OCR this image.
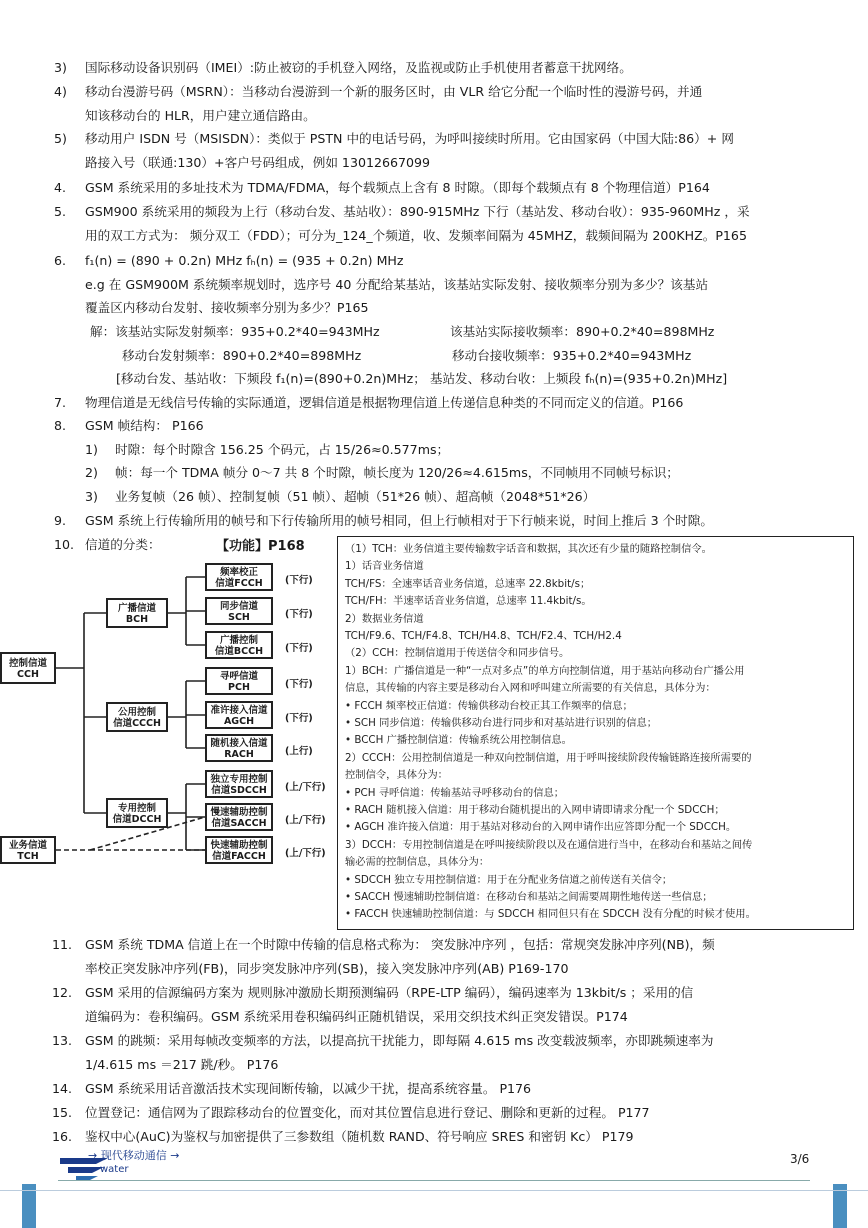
3) 国际移动设备识别码（IMEI）:防止被窃的手机登入网络，及监视或防止手机使用者蓄意干扰网络。
4) 移动台漫游号码（MSRN）：当移动台漫游到一个新的服务区时，由 VLR 给它分配一个临时性的漫游号码，并通
知该移动台的 HLR，用户建立通信路由。
5) 移动用户 ISDN 号（MSISDN）：类似于 PSTN 中的电话号码，为呼叫接续时所用。它由国家码（中国大陆:86）+ 网
路接入号（联通:130）+客户号码组成，例如 13012667099
4. GSM 系统采用的多址技术为 TDMA/FDMA，每个载频点上含有 8 时隙。（即每个载频点有 8 个物理信道）P164
5. GSM900 系统采用的频段为上行（移动台发、基站收）：890-915MHz 下行（基站发、移动台收）：935-960MHz ，采
用的双工方式为： 频分双工（FDD）；可分为_124_个频道，收、发频率间隔为 45MHZ，载频间隔为 200KHZ。P165
6. f₁(n) = (890 + 0.2n) MHz fₕ(n) = (935 + 0.2n) MHz
e.g 在 GSM900M 系统频率规划时，选序号 40 分配给某基站，该基站实际发射、接收频率分别为多少？该基站
覆盖区内移动台发射、接收频率分别为多少？P165
解：该基站实际发射频率：935+0.2*40=943MHz	该基站实际接收频率：890+0.2*40=898MHz
移动台发射频率：890+0.2*40=898MHz	移动台接收频率：935+0.2*40=943MHz
[移动台发、基站收：下频段 f₁(n)=(890+0.2n)MHz； 基站发、移动台收：上频段 fₕ(n)=(935+0.2n)MHz]
7. 物理信道是无线信号传输的实际通道，逻辑信道是根据物理信道上传递信息种类的不同而定义的信道。P166
8. GSM 帧结构： P166
1) 时隙：每个时隙含 156.25 个码元，占 15/26≈0.577ms；
2) 帧：每一个 TDMA 帧分 0～7 共 8 个时隙，帧长度为 120/26≈4.615ms，不同帧用不同帧号标识；
3) 业务复帧（26 帧）、控制复帧（51 帧）、超帧（51*26 帧）、超高帧（2048*51*26）
9. GSM 系统上行传输所用的帧号和下行传输所用的帧号相同，但上行帧相对于下行帧来说，时间上推后 3 个时隙。
10. 信道的分类：	【功能】P168
控制信道
CCH
业务信道
TCH
广播信道
BCH
公用控制
信道CCCH
专用控制
信道DCCH
频率校正
信道FCCH	(下行)
同步信道
SCH	(下行)
广播控制
信道BCCH	(下行)
寻呼信道
PCH	(下行)
准许接入信道
AGCH	(下行)
随机接入信道
RACH	(上行)
独立专用控制
信道SDCCH	(上/下行)
慢速辅助控制
信道SACCH	(上/下行)
快速辅助控制
信道FACCH	(上/下行)
（1）TCH：业务信道主要传输数字话音和数据，其次还有少量的随路控制信令。
1）话音业务信道
TCH/FS：全速率话音业务信道，总速率 22.8kbit/s；
TCH/FH：半速率话音业务信道，总速率 11.4kbit/s。
2）数据业务信道
TCH/F9.6、TCH/F4.8、TCH/H4.8、TCH/F2.4、TCH/H2.4
（2）CCH：控制信道用于传送信令和同步信号。
1）BCH：广播信道是一种“一点对多点”的单方向控制信道，用于基站向移动台广播公用
信息，其传输的内容主要是移动台入网和呼叫建立所需要的有关信息，具体分为：
• FCCH 频率校正信道：传输供移动台校正其工作频率的信息；
• SCH 同步信道：传输供移动台进行同步和对基站进行识别的信息；
• BCCH 广播控制信道：传输系统公用控制信息。
2）CCCH：公用控制信道是一种双向控制信道，用于呼叫接续阶段传输链路连接所需要的
控制信令，具体分为：
• PCH 寻呼信道：传输基站寻呼移动台的信息；
• RACH 随机接入信道：用于移动台随机提出的入网申请即请求分配一个 SDCCH；
• AGCH 准许接入信道：用于基站对移动台的入网申请作出应答即分配一个 SDCCH。
3）DCCH：专用控制信道是在呼叫接续阶段以及在通信进行当中，在移动台和基站之间传
输必需的控制信息，具体分为：
• SDCCH 独立专用控制信道：用于在分配业务信道之前传送有关信令；
• SACCH 慢速辅助控制信道：在移动台和基站之间需要周期性地传送一些信息；
• FACCH 快速辅助控制信道：与 SDCCH 相同但只有在 SDCCH 没有分配的时候才使用。
11. GSM 系统 TDMA 信道上在一个时隙中传输的信息格式称为： 突发脉冲序列 ，包括：常规突发脉冲序列(NB)，频
率校正突发脉冲序列(FB)，同步突发脉冲序列(SB)，接入突发脉冲序列(AB) P169-170
12. GSM 采用的信源编码方案为 规则脉冲激励长期预测编码（RPE-LTP 编码），编码速率为 13kbit/s ；采用的信
道编码为：卷积编码。GSM 系统采用卷积编码纠正随机错误，采用交织技术纠正突发错误。P174
13. GSM 的跳频：采用每帧改变频率的方法，以提高抗干扰能力，即每隔 4.615 ms 改变载波频率，亦即跳频速率为
1/4.615 ms ＝217 跳/秒。 P176
14. GSM 系统采用话音激活技术实现间断传输，以减少干扰，提高系统容量。 P176
15. 位置登记：通信网为了跟踪移动台的位置变化，而对其位置信息进行登记、删除和更新的过程。 P177
16. 鉴权中心(AuC)为鉴权与加密提供了三参数组（随机数 RAND、符号响应 SRES 和密钥 Kc） P179
→ 现代移动通信 →
water
3/6
